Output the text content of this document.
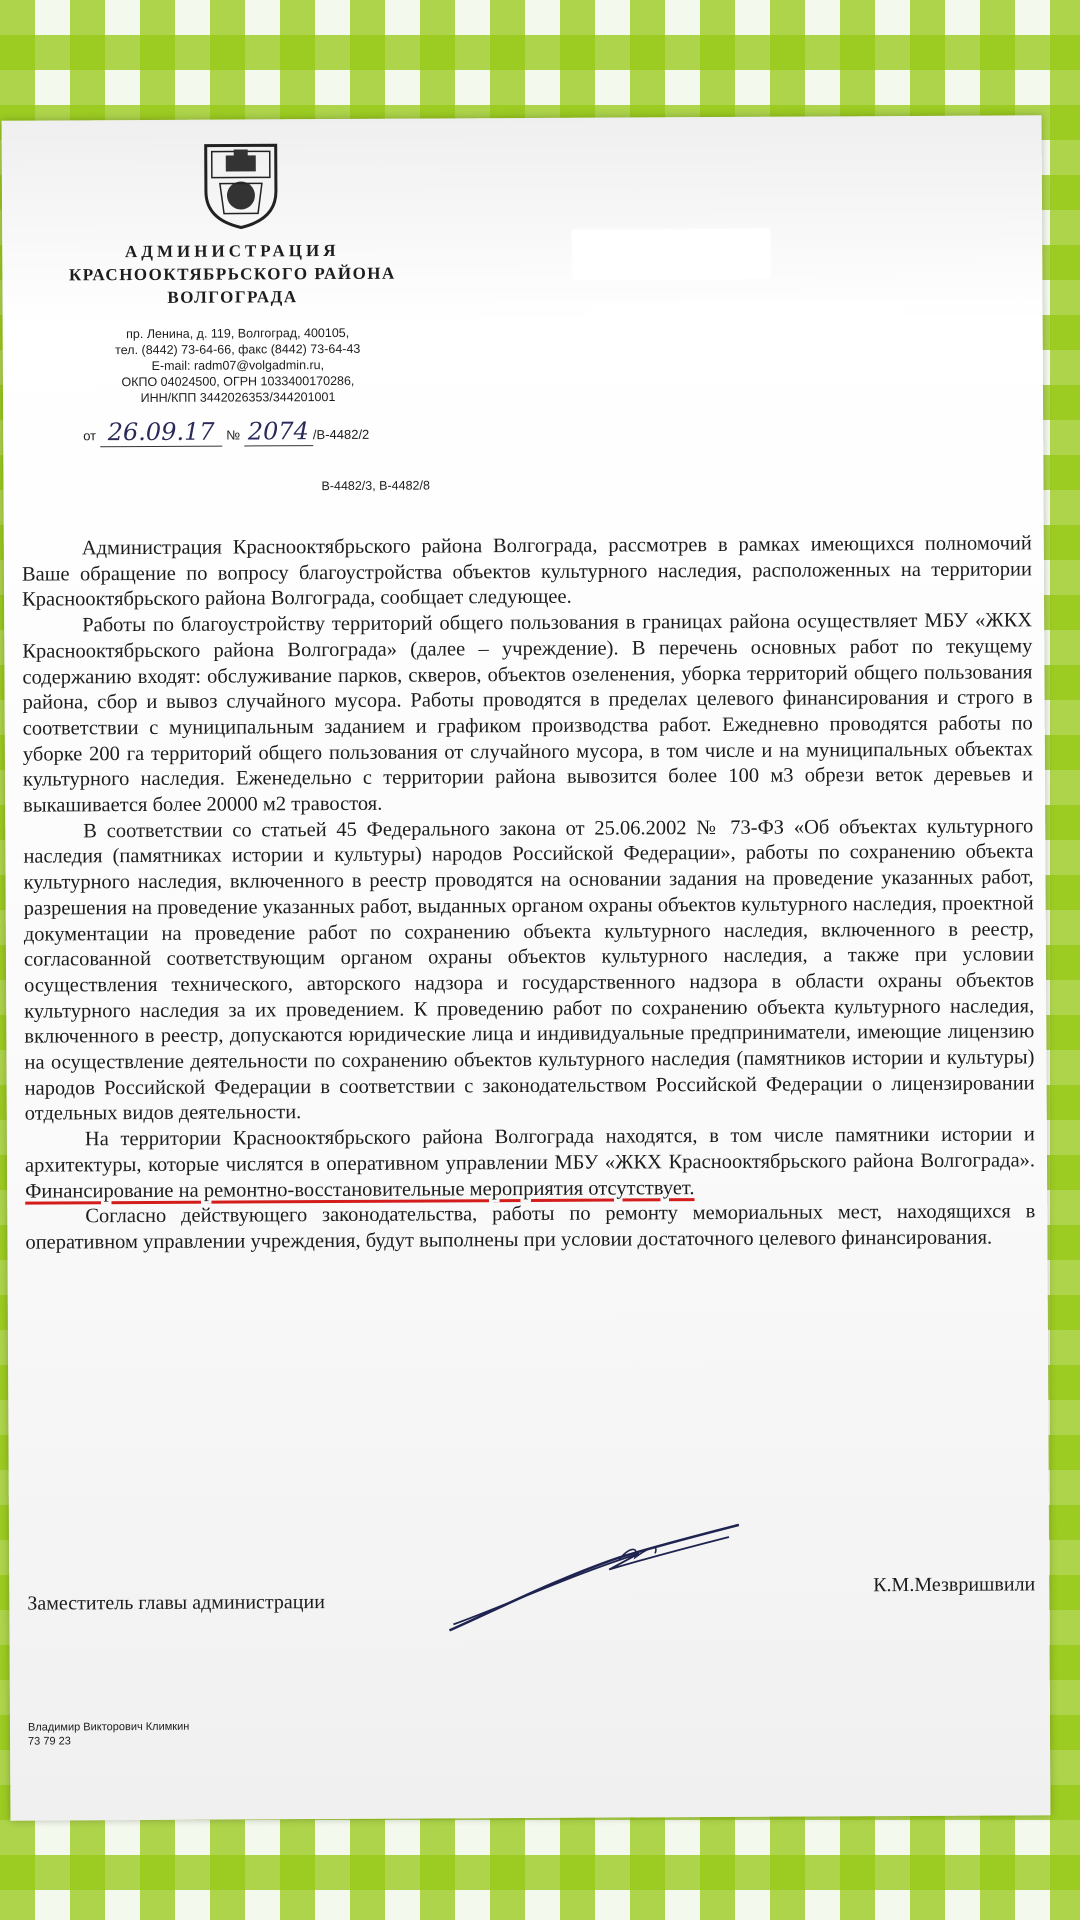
АДМИНИСТРАЦИЯ
КРАСНООКТЯБРЬСКОГО РАЙОНА
ВОЛГОГРАДА
пр. Ленина, д. 119, Волгоград, 400105,
тел. (8442) 73-64-66, факс (8442) 73-64-43
E-mail: radm07@volgadmin.ru,
ОКПО 04024500, ОГРН 1033400170286,
ИНН/КПП 3442026353/344201001
от 26.09.17 № 2074 /В-4482/2
В-4482/3, В-4482/8

Администрация Краснооктябрьского района Волгограда, рассмотрев в рамках имеющихся полномочий Ваше обращение по вопросу благоустройства объектов культурного наследия, расположенных на территории Краснооктябрьского района Волгограда, сообщает следующее.

Работы по благоустройству территорий общего пользования в границах района осуществляет МБУ «ЖКХ Краснооктябрьского района Волгограда» (далее – учреждение). В перечень основных работ по текущему содержанию входят: обслуживание парков, скверов, объектов озеленения, уборка территорий общего пользования района, сбор и вывоз случайного мусора. Работы проводятся в пределах целевого финансирования и строго в соответствии с муниципальным заданием и графиком производства работ. Ежедневно проводятся работы по уборке 200 га территорий общего пользования от случайного мусора, в том числе и на муниципальных объектах культурного наследия. Еженедельно с территории района вывозится более 100 м3 обрези веток деревьев и выкашивается более 20000 м2 травостоя.

В соответствии со статьей 45 Федерального закона от 25.06.2002 № 73-ФЗ «Об объектах культурного наследия (памятниках истории и культуры) народов Российской Федерации», работы по сохранению объекта культурного наследия, включенного в реестр проводятся на основании задания на проведение указанных работ, разрешения на проведение указанных работ, выданных органом охраны объектов культурного наследия, проектной документации на проведение работ по сохранению объекта культурного наследия, включенного в реестр, согласованной соответствующим органом охраны объектов культурного наследия, а также при условии осуществления технического, авторского надзора и государственного надзора в области охраны объектов культурного наследия за их проведением. К проведению работ по сохранению объекта культурного наследия, включенного в реестр, допускаются юридические лица и индивидуальные предприниматели, имеющие лицензию на осуществление деятельности по сохранению объектов культурного наследия (памятников истории и культуры) народов Российской Федерации в соответствии с законодательством Российской Федерации о лицензировании отдельных видов деятельности.

На территории Краснооктябрьского района Волгограда находятся, в том числе памятники истории и архитектуры, которые числятся в оперативном управлении МБУ «ЖКХ Краснооктябрьского района Волгограда». Финансирование на ремонтно-восстановительные мероприятия отсутствует.

Согласно действующего законодательства, работы по ремонту мемориальных мест, находящихся в оперативном управлении учреждения, будут выполнены при условии достаточного целевого финансирования.

Заместитель главы администрации
К.М.Мезвришвили
Владимир Викторович Климкин
73 79 23
